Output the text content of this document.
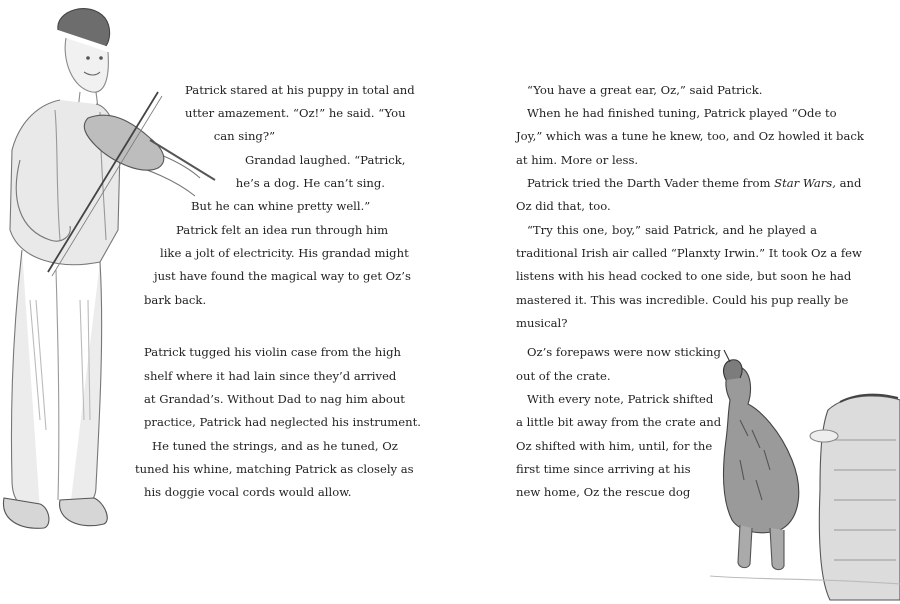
Patrick stared at his puppy in total and
utter amazement. “Oz!” he said. “You
can sing?”
Grandad laughed. “Patrick,
he’s a dog. He can’t sing.
But he can whine pretty well.”
Patrick felt an idea run through him
like a jolt of electricity. His grandad might
just have found the magical way to get Oz’s
bark back.
Patrick tugged his violin case from the high
shelf where it had lain since they’d arrived
at Grandad’s. Without Dad to nag him about
practice, Patrick had neglected his instrument.
He tuned the strings, and as he tuned, Oz
tuned his whine, matching Patrick as closely as
his doggie vocal cords would allow.
“You have a great ear, Oz,” said Patrick.
When he had finished tuning, Patrick played “Ode to
Joy,” which was a tune he knew, too, and Oz howled it back
at him. More or less.
Patrick tried the Darth Vader theme from Star Wars, and
Oz did that, too.
“Try this one, boy,” said Patrick, and he played a
traditional Irish air called “Planxty Irwin.” It took Oz a few
listens with his head cocked to one side, but soon he had
mastered it. This was incredible. Could his pup really be
musical?
Oz’s forepaws were now sticking
out of the crate.
With every note, Patrick shifted
a little bit away from the crate and
Oz shifted with him, until, for the
first time since arriving at his
new home, Oz the rescue dog
